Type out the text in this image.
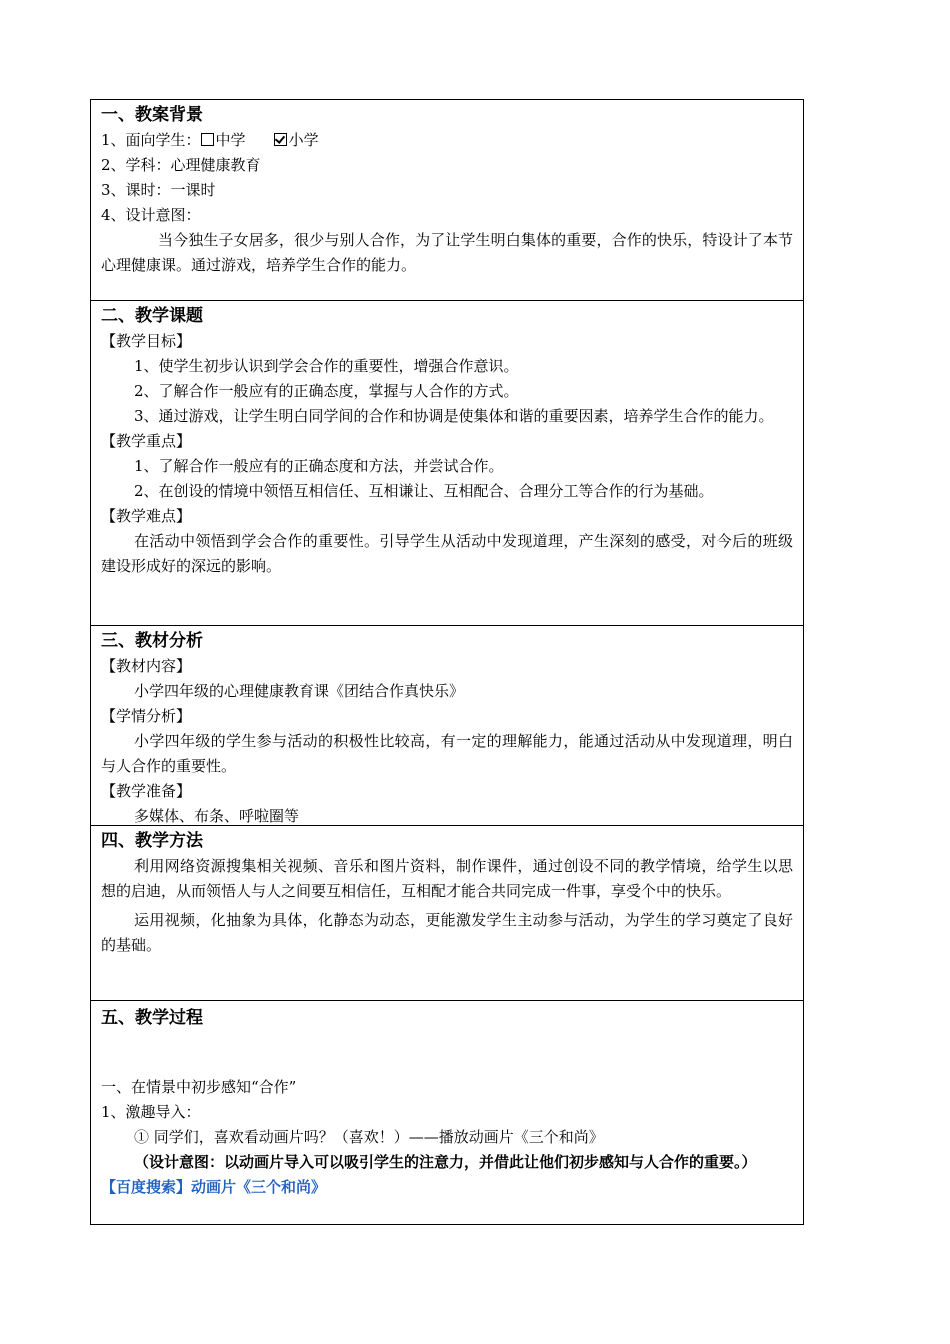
一、教案背景
1、面向学生： 中学	小学
2、学科：心理健康教育
3、课时：一课时
4、设计意图：
当今独生子女居多，很少与别人合作，为了让学生明白集体的重要，合作的快乐，特设计了本节心理健康课。通过游戏，培养学生合作的能力。
二、教学课题
【教学目标】
1、使学生初步认识到学会合作的重要性，增强合作意识。
2、了解合作一般应有的正确态度，掌握与人合作的方式。
3、通过游戏，让学生明白同学间的合作和协调是使集体和谐的重要因素，培养学生合作的能力。
【教学重点】
1、了解合作一般应有的正确态度和方法，并尝试合作。
2、在创设的情境中领悟互相信任、互相谦让、互相配合、合理分工等合作的行为基础。
【教学难点】
在活动中领悟到学会合作的重要性。引导学生从活动中发现道理，产生深刻的感受，对今后的班级建设形成好的深远的影响。
三、教材分析
【教材内容】
小学四年级的心理健康教育课《团结合作真快乐》
【学情分析】
小学四年级的学生参与活动的积极性比较高，有一定的理解能力，能通过活动从中发现道理，明白与人合作的重要性。
【教学准备】
多媒体、布条、呼啦圈等
四、教学方法
利用网络资源搜集相关视频、音乐和图片资料，制作课件，通过创设不同的教学情境，给学生以思想的启迪，从而领悟人与人之间要互相信任，互相配才能合共同完成一件事，享受个中的快乐。
运用视频，化抽象为具体，化静态为动态，更能激发学生主动参与活动，为学生的学习奠定了良好的基础。
五、教学过程
一、在情景中初步感知“合作”
1、激趣导入：
① 同学们，喜欢看动画片吗？（喜欢！）——播放动画片《三个和尚》
（设计意图：以动画片导入可以吸引学生的注意力，并借此让他们初步感知与人合作的重要。）
【百度搜索】动画片《三个和尚》
